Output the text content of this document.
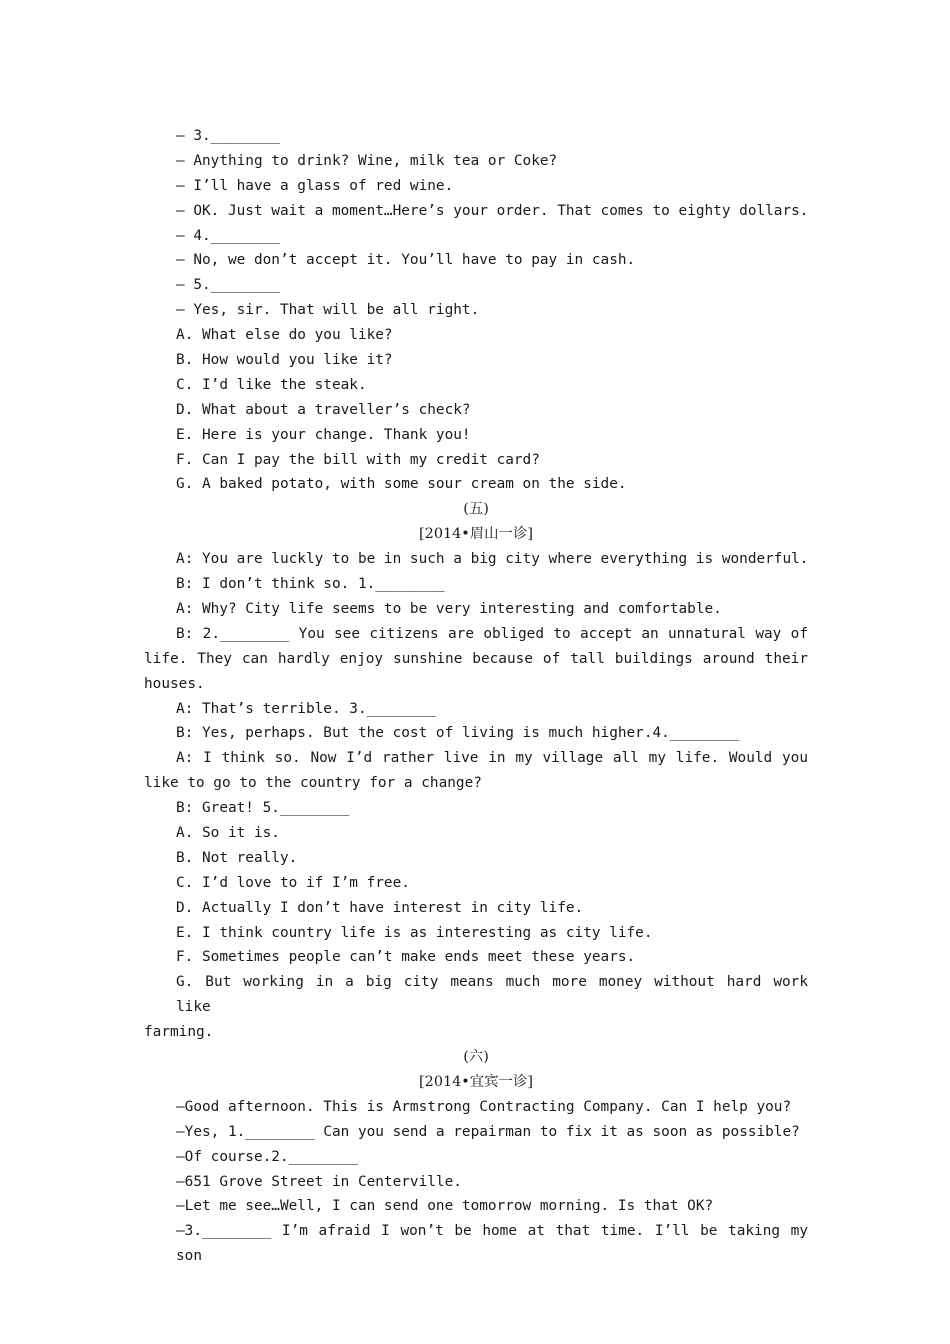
— 3.________
— Anything to drink? Wine, milk tea or Coke?
— I’ll have a glass of red wine.
— OK. Just wait a moment…Here’s your order. That comes to eighty dollars.
— 4.________
— No, we don’t accept it. You’ll have to pay in cash.
— 5.________
— Yes, sir. That will be all right.
A. What else do you like?
B. How would you like it?
C. I’d like the steak.
D. What about a traveller’s check?
E. Here is your change. Thank you!
F. Can I pay the bill with my credit card?
G. A baked potato, with some sour cream on the side.
(五)
[2014•眉山一诊]
A: You are luckly to be in such a big city where everything is wonderful.
B: I don’t think so. 1.________
A: Why? City life seems to be very interesting and comfortable.
B: 2.________ You see citizens are obliged to accept an unnatural way of
life. They can hardly enjoy sunshine because of tall buildings around their
houses.
A: That’s terrible. 3.________
B: Yes, perhaps. But the cost of living is much higher.4.________
A: I think so. Now I’d rather live in my village all my life. Would you
like to go to the country for a change?
B: Great! 5.________
A. So it is.
B. Not really.
C. I’d love to if I’m free.
D. Actually I don’t have interest in city life.
E. I think country life is as interesting as city life.
F. Sometimes people can’t make ends meet these years.
G. But working in a big city means much more money without hard work like
farming.
(六)
[2014•宜宾一诊]
—Good afternoon. This is Armstrong Contracting Company. Can I help you?
—Yes, 1.________ Can you send a repairman to fix it as soon as possible?
—Of course.2.________
—651 Grove Street in Centerville.
—Let me see…Well, I can send one tomorrow morning. Is that OK?
—3.________ I’m afraid I won’t be home at that time. I’ll be taking my son
